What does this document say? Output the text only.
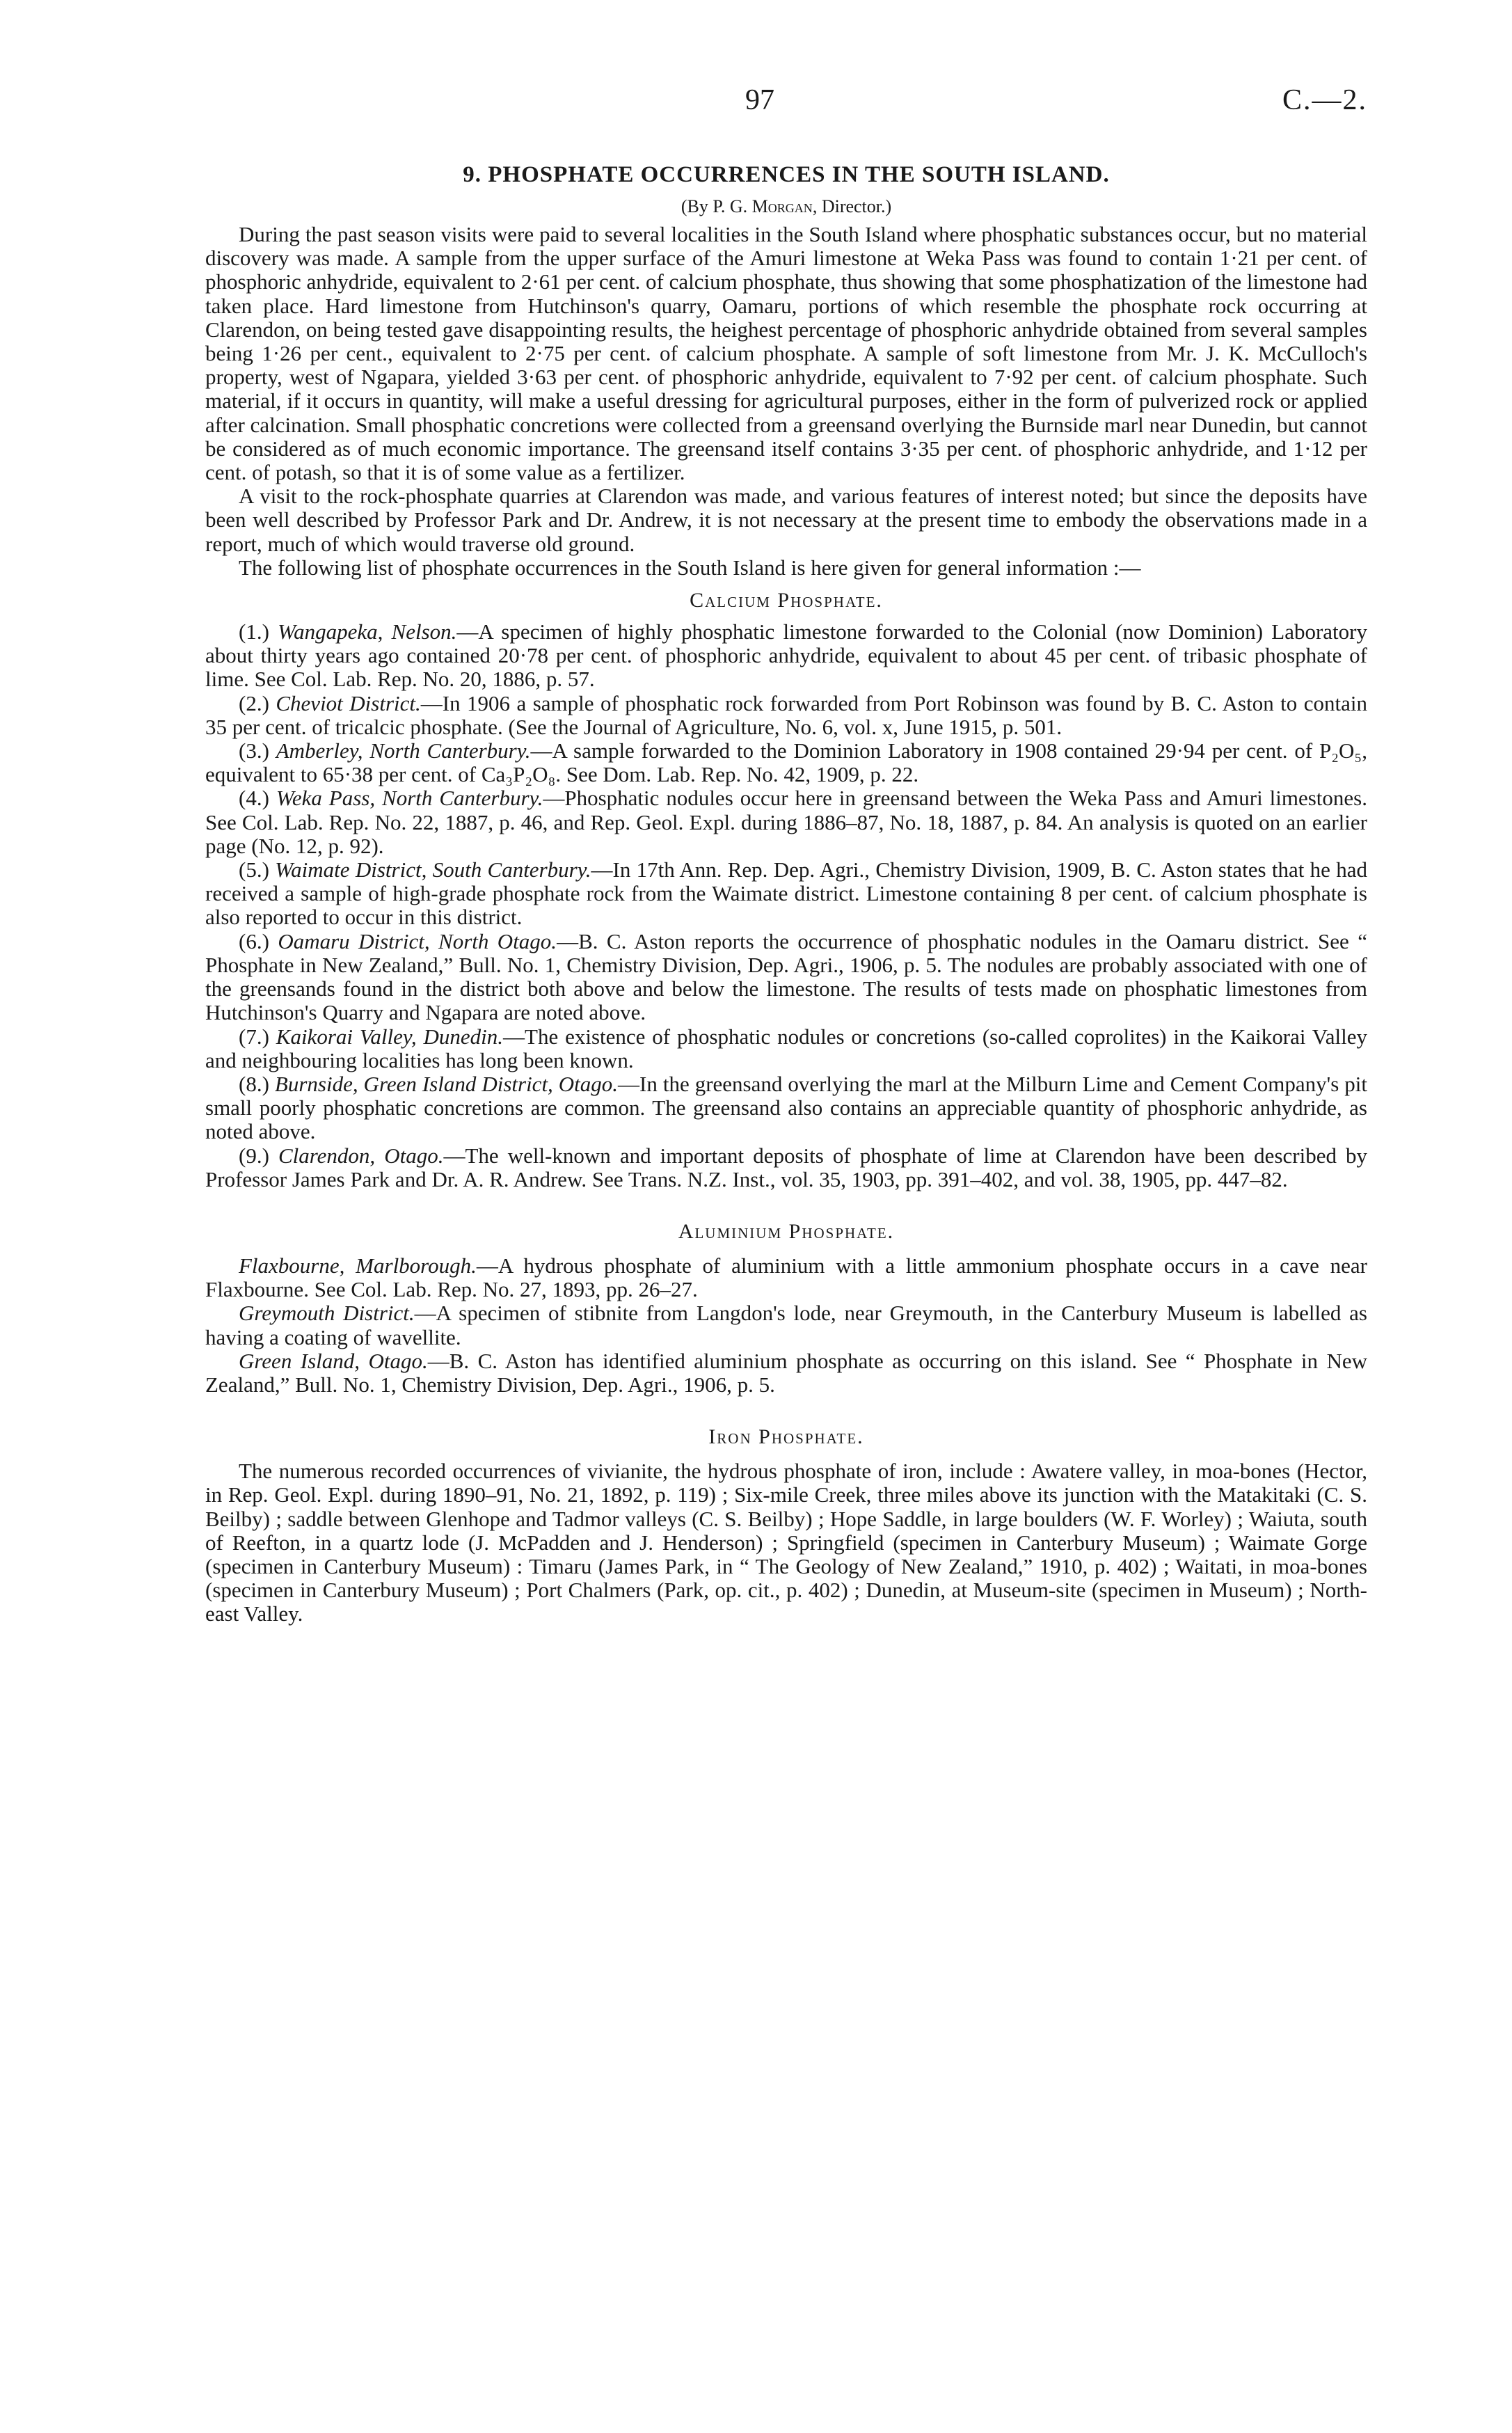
97	C.—2.
9. PHOSPHATE OCCURRENCES IN THE SOUTH ISLAND.
(By P. G. Morgan, Director.)

During the past season visits were paid to several localities in the South Island where phosphatic substances occur, but no material discovery was made. A sample from the upper surface of the Amuri limestone at Weka Pass was found to contain 1·21 per cent. of phosphoric anhydride, equivalent to 2·61 per cent. of calcium phosphate, thus showing that some phosphatization of the limestone had taken place. Hard limestone from Hutchinson's quarry, Oamaru, portions of which resemble the phosphate rock occurring at Clarendon, on being tested gave disappointing results, the heighest percentage of phosphoric anhydride obtained from several samples being 1·26 per cent., equivalent to 2·75 per cent. of calcium phosphate. A sample of soft limestone from Mr. J. K. McCulloch's property, west of Ngapara, yielded 3·63 per cent. of phosphoric anhydride, equivalent to 7·92 per cent. of calcium phosphate. Such material, if it occurs in quantity, will make a useful dressing for agricultural purposes, either in the form of pulverized rock or applied after calcination. Small phosphatic concretions were collected from a greensand overlying the Burnside marl near Dunedin, but cannot be considered as of much economic importance. The greensand itself contains 3·35 per cent. of phosphoric anhydride, and 1·12 per cent. of potash, so that it is of some value as a fertilizer.

A visit to the rock-phosphate quarries at Clarendon was made, and various features of interest noted; but since the deposits have been well described by Professor Park and Dr. Andrew, it is not necessary at the present time to embody the observations made in a report, much of which would traverse old ground.

The following list of phosphate occurrences in the South Island is here given for general information :—

Calcium Phosphate.

(1.) Wangapeka, Nelson.—A specimen of highly phosphatic limestone forwarded to the Colonial (now Dominion) Laboratory about thirty years ago contained 20·78 per cent. of phosphoric anhydride, equivalent to about 45 per cent. of tribasic phosphate of lime. See Col. Lab. Rep. No. 20, 1886, p. 57.

(2.) Cheviot District.—In 1906 a sample of phosphatic rock forwarded from Port Robinson was found by B. C. Aston to contain 35 per cent. of tricalcic phosphate. (See the Journal of Agriculture, No. 6, vol. x, June 1915, p. 501.

(3.) Amberley, North Canterbury.—A sample forwarded to the Dominion Laboratory in 1908 contained 29·94 per cent. of P₂O₅, equivalent to 65·38 per cent. of Ca₃P₂O₈. See Dom. Lab. Rep. No. 42, 1909, p. 22.

(4.) Weka Pass, North Canterbury.—Phosphatic nodules occur here in greensand between the Weka Pass and Amuri limestones. See Col. Lab. Rep. No. 22, 1887, p. 46, and Rep. Geol. Expl. during 1886–87, No. 18, 1887, p. 84. An analysis is quoted on an earlier page (No. 12, p. 92).

(5.) Waimate District, South Canterbury.—In 17th Ann. Rep. Dep. Agri., Chemistry Division, 1909, B. C. Aston states that he had received a sample of high-grade phosphate rock from the Waimate district. Limestone containing 8 per cent. of calcium phosphate is also reported to occur in this district.

(6.) Oamaru District, North Otago.—B. C. Aston reports the occurrence of phosphatic nodules in the Oamaru district. See “ Phosphate in New Zealand,” Bull. No. 1, Chemistry Division, Dep. Agri., 1906, p. 5. The nodules are probably associated with one of the greensands found in the district both above and below the limestone. The results of tests made on phosphatic limestones from Hutchinson's Quarry and Ngapara are noted above.

(7.) Kaikorai Valley, Dunedin.—The existence of phosphatic nodules or concretions (so-called coprolites) in the Kaikorai Valley and neighbouring localities has long been known.

(8.) Burnside, Green Island District, Otago.—In the greensand overlying the marl at the Milburn Lime and Cement Company's pit small poorly phosphatic concretions are common. The greensand also contains an appreciable quantity of phosphoric anhydride, as noted above.

(9.) Clarendon, Otago.—The well-known and important deposits of phosphate of lime at Clarendon have been described by Professor James Park and Dr. A. R. Andrew. See Trans. N.Z. Inst., vol. 35, 1903, pp. 391–402, and vol. 38, 1905, pp. 447–82.

Aluminium Phosphate.

Flaxbourne, Marlborough.—A hydrous phosphate of aluminium with a little ammonium phosphate occurs in a cave near Flaxbourne. See Col. Lab. Rep. No. 27, 1893, pp. 26–27.

Greymouth District.—A specimen of stibnite from Langdon's lode, near Greymouth, in the Canterbury Museum is labelled as having a coating of wavellite.

Green Island, Otago.—B. C. Aston has identified aluminium phosphate as occurring on this island. See “ Phosphate in New Zealand,” Bull. No. 1, Chemistry Division, Dep. Agri., 1906, p. 5.

Iron Phosphate.

The numerous recorded occurrences of vivianite, the hydrous phosphate of iron, include : Awatere valley, in moa-bones (Hector, in Rep. Geol. Expl. during 1890–91, No. 21, 1892, p. 119) ; Six-mile Creek, three miles above its junction with the Matakitaki (C. S. Beilby) ; saddle between Glenhope and Tadmor valleys (C. S. Beilby) ; Hope Saddle, in large boulders (W. F. Worley) ; Waiuta, south of Reefton, in a quartz lode (J. McPadden and J. Henderson) ; Springfield (specimen in Canterbury Museum) ; Waimate Gorge (specimen in Canterbury Museum) : Timaru (James Park, in “ The Geology of New Zealand,” 1910, p. 402) ; Waitati, in moa-bones (specimen in Canterbury Museum) ; Port Chalmers (Park, op. cit., p. 402) ; Dunedin, at Museum-site (specimen in Museum) ; North-east Valley.
